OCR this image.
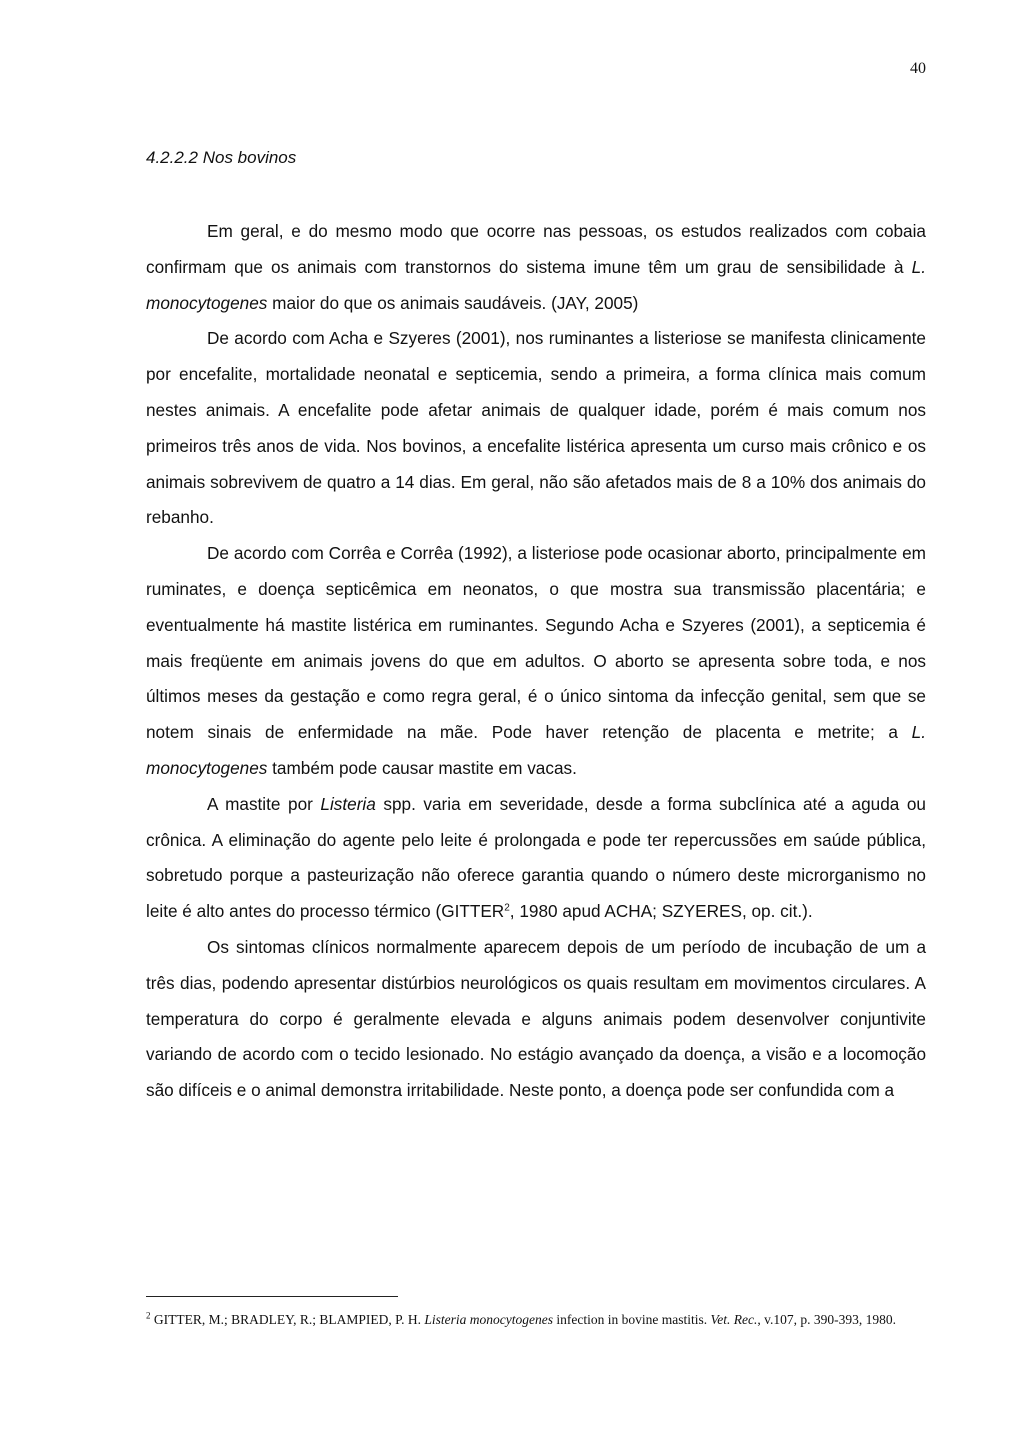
40
4.2.2.2 Nos bovinos

Em geral, e do mesmo modo que ocorre nas pessoas, os estudos realizados com cobaia confirmam que os animais com transtornos do sistema imune têm um grau de sensibilidade à L. monocytogenes maior do que os animais saudáveis. (JAY, 2005)

De acordo com Acha e Szyeres (2001), nos ruminantes a listeriose se manifesta clinicamente por encefalite, mortalidade neonatal e septicemia, sendo a primeira, a forma clínica mais comum nestes animais. A encefalite pode afetar animais de qualquer idade, porém é mais comum nos primeiros três anos de vida. Nos bovinos, a encefalite listérica apresenta um curso mais crônico e os animais sobrevivem de quatro a 14 dias. Em geral, não são afetados mais de 8 a 10% dos animais do rebanho.

De acordo com Corrêa e Corrêa (1992), a listeriose pode ocasionar aborto, principalmente em ruminates, e doença septicêmica em neonatos, o que mostra sua transmissão placentária; e eventualmente há mastite listérica em ruminantes. Segundo Acha e Szyeres (2001), a septicemia é mais freqüente em animais jovens do que em adultos. O aborto se apresenta sobre toda, e nos últimos meses da gestação e como regra geral, é o único sintoma da infecção genital, sem que se notem sinais de enfermidade na mãe. Pode haver retenção de placenta e metrite; a L. monocytogenes também pode causar mastite em vacas.

A mastite por Listeria spp. varia em severidade, desde a forma subclínica até a aguda ou crônica. A eliminação do agente pelo leite é prolongada e pode ter repercussões em saúde pública, sobretudo porque a pasteurização não oferece garantia quando o número deste microrganismo no leite é alto antes do processo térmico (GITTER$^2$, 1980 apud ACHA; SZYERES, op. cit.).

Os sintomas clínicos normalmente aparecem depois de um período de incubação de um a três dias, podendo apresentar distúrbios neurológicos os quais resultam em movimentos circulares. A temperatura do corpo é geralmente elevada e alguns animais podem desenvolver conjuntivite variando de acordo com o tecido lesionado. No estágio avançado da doença, a visão e a locomoção são difíceis e o animal demonstra irritabilidade. Neste ponto, a doença pode ser confundida com a

$^2$ GITTER, M.; BRADLEY, R.; BLAMPIED, P. H. Listeria monocytogenes infection in bovine mastitis. Vet. Rec., v.107, p. 390-393, 1980.
